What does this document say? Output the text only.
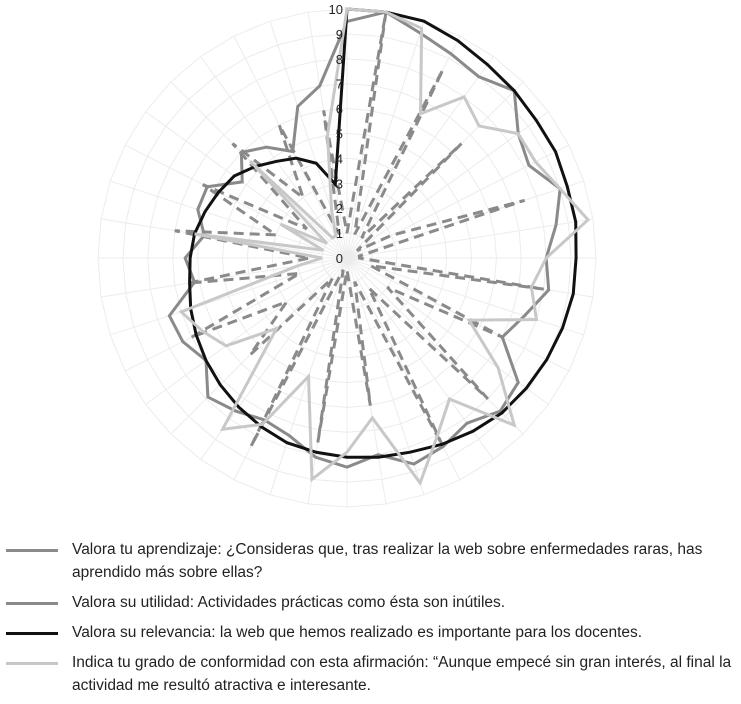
0
1
2
3
4
5
6
7
8
9
10
Valora tu aprendizaje: ¿Consideras que, tras realizar la web sobre enfermedades raras, has aprendido más sobre ellas?
Valora su utilidad: Actividades prácticas como ésta son inútiles.
Valora su relevancia: la web que hemos realizado es importante para los docentes.
Indica tu grado de conformidad con esta afirmación: “Aunque empecé sin gran interés, al final la actividad me resultó atractiva e interesante.
